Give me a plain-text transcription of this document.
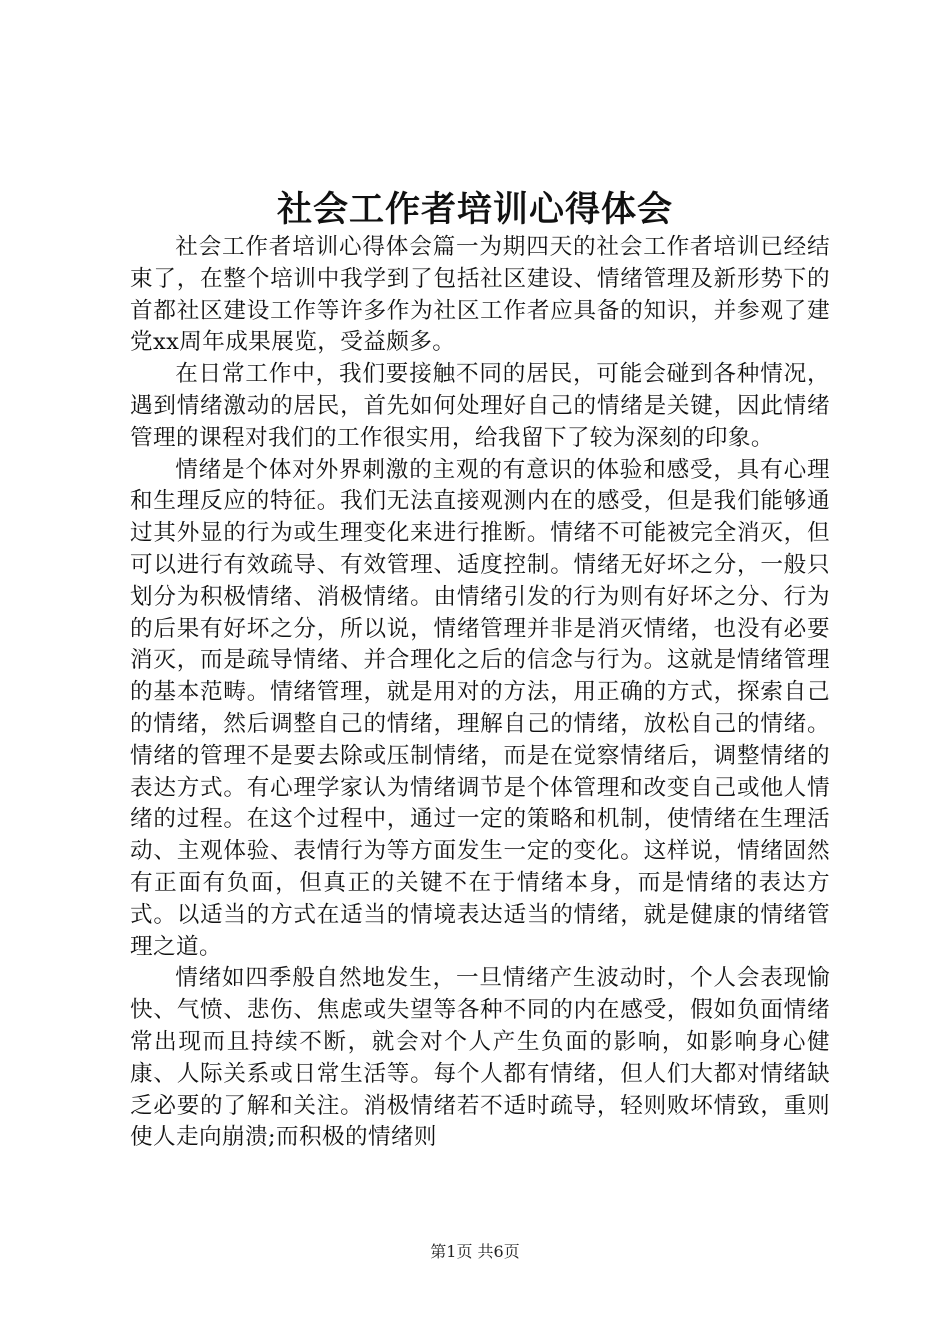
社会工作者培训心得体会

社会工作者培训心得体会篇一为期四天的社会工作者培训已经结束了，在整个培训中我学到了包括社区建设、情绪管理及新形势下的首都社区建设工作等许多作为社区工作者应具备的知识，并参观了建党xx周年成果展览，受益颇多。

在日常工作中，我们要接触不同的居民，可能会碰到各种情况，遇到情绪激动的居民，首先如何处理好自己的情绪是关键，因此情绪管理的课程对我们的工作很实用，给我留下了较为深刻的印象。

情绪是个体对外界刺激的主观的有意识的体验和感受，具有心理和生理反应的特征。我们无法直接观测内在的感受，但是我们能够通过其外显的行为或生理变化来进行推断。情绪不可能被完全消灭，但可以进行有效疏导、有效管理、适度控制。情绪无好坏之分，一般只划分为积极情绪、消极情绪。由情绪引发的行为则有好坏之分、行为的后果有好坏之分，所以说，情绪管理并非是消灭情绪，也没有必要消灭，而是疏导情绪、并合理化之后的信念与行为。这就是情绪管理的基本范畴。情绪管理，就是用对的方法，用正确的方式，探索自己的情绪，然后调整自己的情绪，理解自己的情绪，放松自己的情绪。情绪的管理不是要去除或压制情绪，而是在觉察情绪后，调整情绪的表达方式。有心理学家认为情绪调节是个体管理和改变自己或他人情绪的过程。在这个过程中，通过一定的策略和机制，使情绪在生理活动、主观体验、表情行为等方面发生一定的变化。这样说，情绪固然有正面有负面，但真正的关键不在于情绪本身，而是情绪的表达方式。以适当的方式在适当的情境表达适当的情绪，就是健康的情绪管理之道。

情绪如四季般自然地发生，一旦情绪产生波动时，个人会表现愉快、气愤、悲伤、焦虑或失望等各种不同的内在感受，假如负面情绪常出现而且持续不断，就会对个人产生负面的影响，如影响身心健康、人际关系或日常生活等。每个人都有情绪，但人们大都对情绪缺乏必要的了解和关注。消极情绪若不适时疏导，轻则败坏情致，重则使人走向崩溃;而积极的情绪则

第1页 共6页
